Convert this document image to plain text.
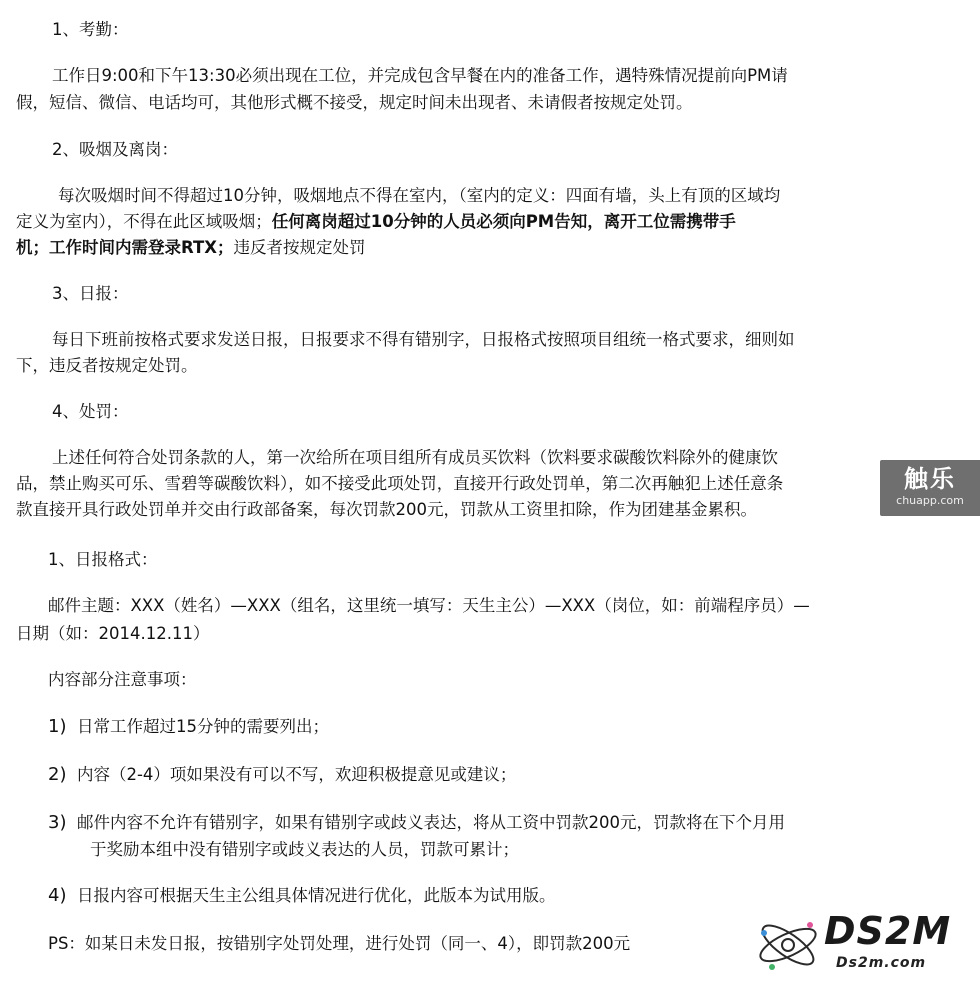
1、考勤：
工作日9:00和下午13:30必须出现在工位，并完成包含早餐在内的准备工作，遇特殊情况提前向PM请
假，短信、微信、电话均可，其他形式概不接受，规定时间未出现者、未请假者按规定处罚。
2、吸烟及离岗：
每次吸烟时间不得超过10分钟，吸烟地点不得在室内，（室内的定义：四面有墙，头上有顶的区域均
定义为室内），不得在此区域吸烟；任何离岗超过10分钟的人员必须向PM告知，离开工位需携带手
机；工作时间内需登录RTX；违反者按规定处罚
3、日报：
每日下班前按格式要求发送日报，日报要求不得有错别字，日报格式按照项目组统一格式要求，细则如
下，违反者按规定处罚。
4、处罚：
上述任何符合处罚条款的人，第一次给所在项目组所有成员买饮料（饮料要求碳酸饮料除外的健康饮
品，禁止购买可乐、雪碧等碳酸饮料），如不接受此项处罚，直接开行政处罚单，第二次再触犯上述任意条
款直接开具行政处罚单并交由行政部备案，每次罚款200元，罚款从工资里扣除，作为团建基金累积。
1、日报格式：
邮件主题：XXX（姓名）—XXX（组名，这里统一填写：天生主公）—XXX（岗位，如：前端程序员）—
日期（如：2014.12.11）
内容部分注意事项：
1) 日常工作超过15分钟的需要列出；
2) 内容（2-4）项如果没有可以不写，欢迎积极提意见或建议；
3) 邮件内容不允许有错别字，如果有错别字或歧义表达，将从工资中罚款200元，罚款将在下个月用
于奖励本组中没有错别字或歧义表达的人员，罚款可累计；
4) 日报内容可根据天生主公组具体情况进行优化，此版本为试用版。
PS：如某日未发日报，按错别字处罚处理，进行处罚（同一、4），即罚款200元
触乐
chuapp.com
DS2M
Ds2m.com
